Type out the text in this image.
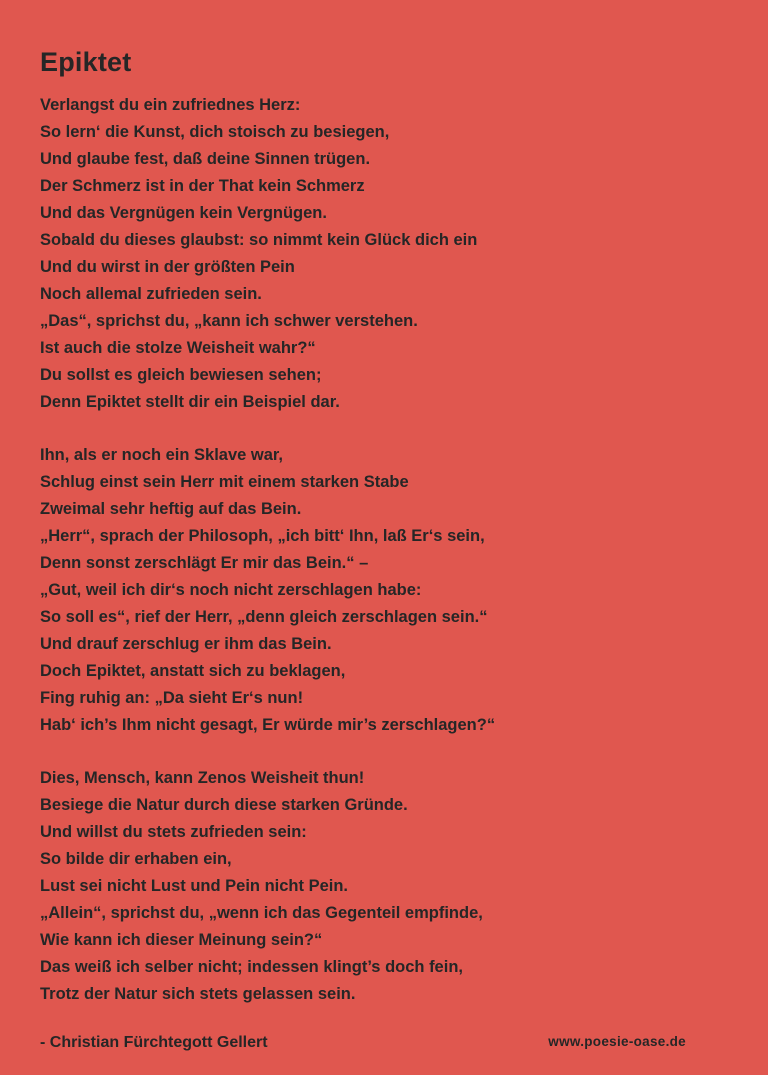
Epiktet
Verlangst du ein zufriednes Herz:
So lern‘ die Kunst, dich stoisch zu besiegen,
Und glaube fest, daß deine Sinnen trügen.
Der Schmerz ist in der That kein Schmerz
Und das Vergnügen kein Vergnügen.
Sobald du dieses glaubst: so nimmt kein Glück dich ein
Und du wirst in der größten Pein
Noch allemal zufrieden sein.
„Das“, sprichst du, „kann ich schwer verstehen.
Ist auch die stolze Weisheit wahr?“
Du sollst es gleich bewiesen sehen;
Denn Epiktet stellt dir ein Beispiel dar.
Ihn, als er noch ein Sklave war,
Schlug einst sein Herr mit einem starken Stabe
Zweimal sehr heftig auf das Bein.
„Herr“, sprach der Philosoph, „ich bitt‘ Ihn, laß Er‘s sein,
Denn sonst zerschlägt Er mir das Bein.“ –
„Gut, weil ich dir‘s noch nicht zerschlagen habe:
So soll es“, rief der Herr, „denn gleich zerschlagen sein.“
Und drauf zerschlug er ihm das Bein.
Doch Epiktet, anstatt sich zu beklagen,
Fing ruhig an: „Da sieht Er‘s nun!
Hab‘ ich’s Ihm nicht gesagt, Er würde mir’s zerschlagen?“
Dies, Mensch, kann Zenos Weisheit thun!
Besiege die Natur durch diese starken Gründe.
Und willst du stets zufrieden sein:
So bilde dir erhaben ein,
Lust sei nicht Lust und Pein nicht Pein.
„Allein“, sprichst du, „wenn ich das Gegenteil empfinde,
Wie kann ich dieser Meinung sein?“
Das weiß ich selber nicht; indessen klingt’s doch fein,
Trotz der Natur sich stets gelassen sein.
- Christian Fürchtegott Gellert	www.poesie-oase.de
